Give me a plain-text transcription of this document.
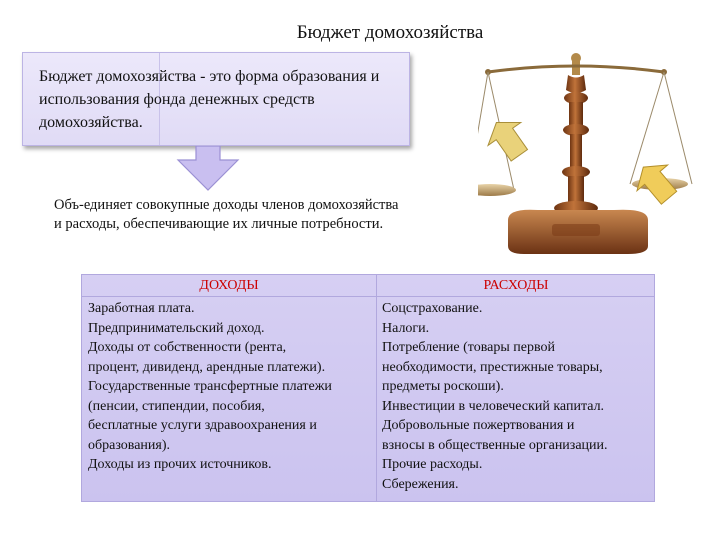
Бюджет домохозяйства
Бюджет домохозяйства - это форма образования и использования фонда денежных средств домохозяйства.
Объ-единяет совокупные доходы членов домохозяйства и расходы, обеспечивающие их личные потребности.
ДОХОДЫ	РАСХОДЫ
Заработная плата.
Предпринимательский доход.
Доходы от собственности (рента,
процент, дивиденд, арендные платежи).
Государственные трансфертные платежи
(пенсии, стипендии, пособия,
бесплатные услуги здравоохранения и
образования).
Доходы из прочих источников.
Соцстрахование.
Налоги.
Потребление (товары первой
необходимости, престижные товары,
предметы роскоши).
Инвестиции в человеческий капитал.
Добровольные пожертвования и
взносы в общественные организации.
Прочие расходы.
Сбережения.
